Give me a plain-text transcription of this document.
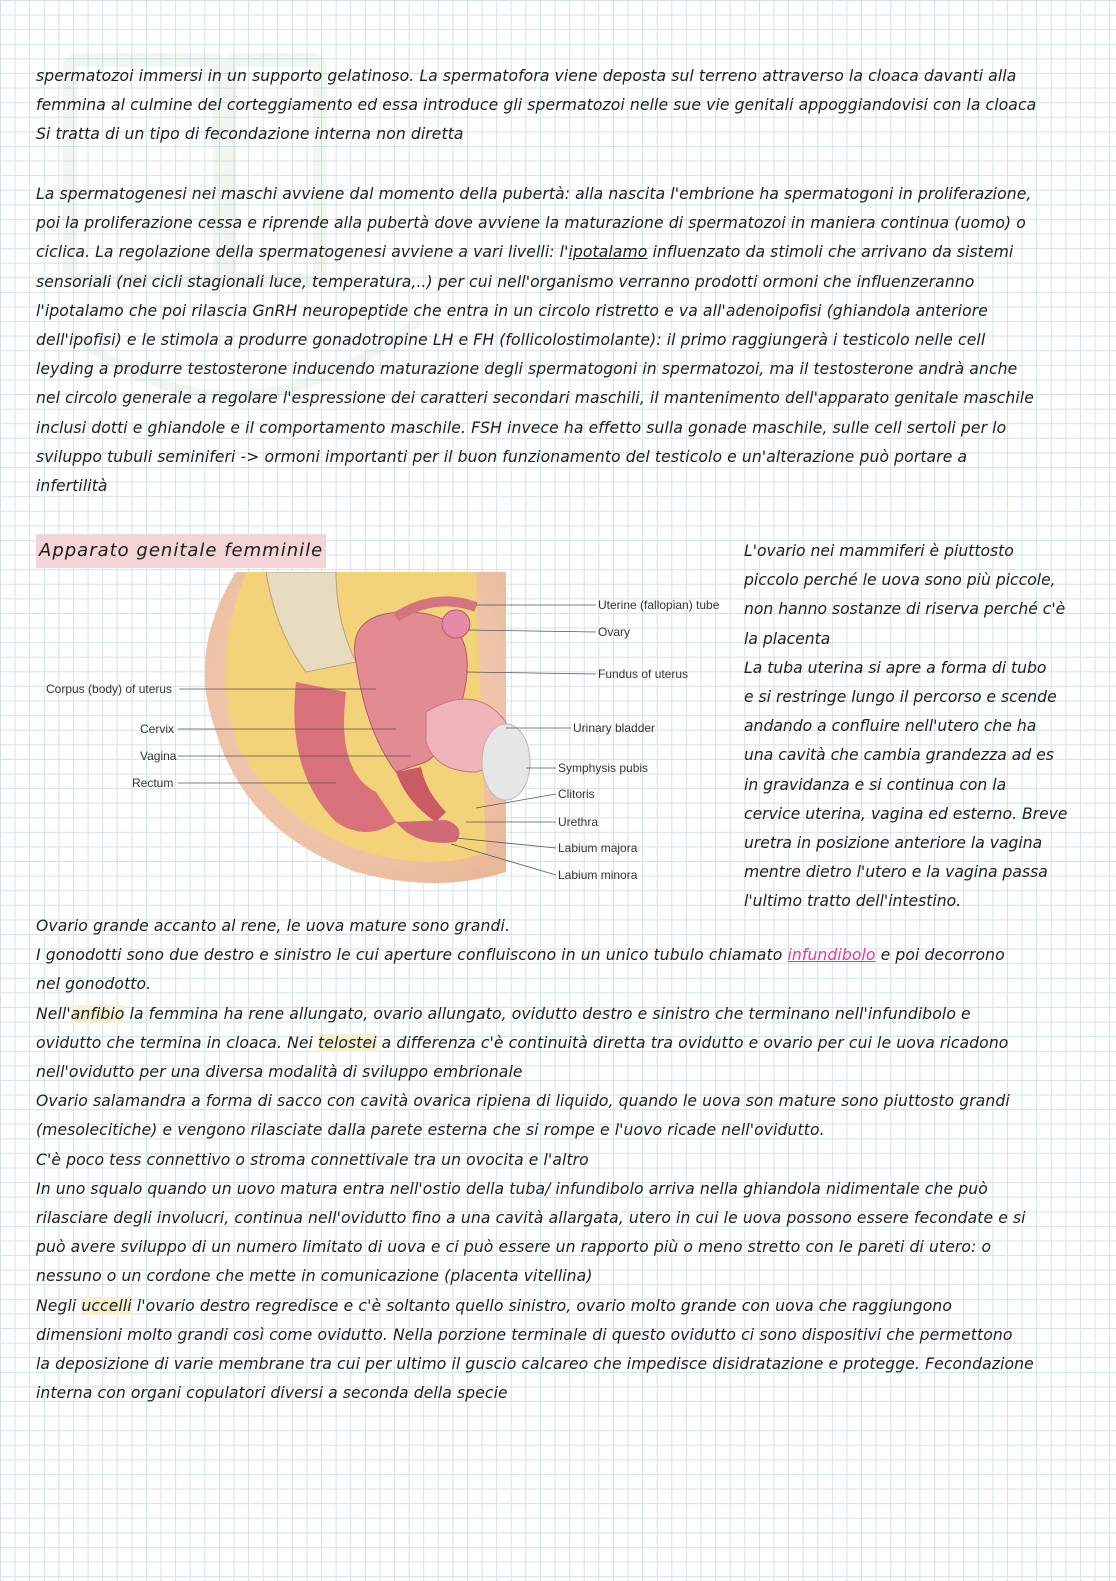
spermatozoi immersi in un supporto gelatinoso. La spermatofora viene deposta sul terreno attraverso la cloaca davanti alla
femmina al culmine del corteggiamento ed essa introduce gli spermatozoi nelle sue vie genitali appoggiandovisi con la cloaca
Si tratta di un tipo di fecondazione interna non diretta
La spermatogenesi nei maschi avviene dal momento della pubertà: alla nascita l'embrione ha spermatogoni in proliferazione,
poi la proliferazione cessa e riprende alla pubertà dove avviene la maturazione di spermatozoi in maniera continua (uomo) o
ciclica. La regolazione della spermatogenesi avviene a vari livelli: l'ipotalamo influenzato da stimoli che arrivano da sistemi
sensoriali (nei cicli stagionali luce, temperatura,..) per cui nell'organismo verranno prodotti ormoni che influenzeranno
l'ipotalamo che poi rilascia GnRH neuropeptide che entra in un circolo ristretto e va all'adenoipofisi (ghiandola anteriore
dell'ipofisi) e le stimola a produrre gonadotropine LH e FH (follicolostimolante): il primo raggiungerà i testicolo nelle cell
leyding a produrre testosterone inducendo maturazione degli spermatogoni in spermatozoi, ma il testosterone andrà anche
nel circolo generale a regolare l'espressione dei caratteri secondari maschili, il mantenimento dell'apparato genitale maschile
inclusi dotti e ghiandole e il comportamento maschile. FSH invece ha effetto sulla gonade maschile, sulle cell sertoli per lo
sviluppo tubuli seminiferi -> ormoni importanti per il buon funzionamento del testicolo e un'alterazione può portare a
infertilità
Apparato genitale femminile
Uterine (fallopian) tube
Ovary
Fundus of uterus
Urinary bladder
Symphysis pubis
Clitoris
Urethra
Labium majora
Labium minora
Corpus (body) of uterus
Cervix
Vagina
Rectum
L'ovario nei mammiferi è piuttosto
piccolo perché le uova sono più piccole,
non hanno sostanze di riserva perché c'è
la placenta
La tuba uterina si apre a forma di tubo
e si restringe lungo il percorso e scende
andando a confluire nell'utero che ha
una cavità che cambia grandezza ad es
in gravidanza e si continua con la
cervice uterina, vagina ed esterno. Breve
uretra in posizione anteriore la vagina
mentre dietro l'utero e la vagina passa
l'ultimo tratto dell'intestino.
Ovario grande accanto al rene, le uova mature sono grandi.
I gonodotti sono due destro e sinistro le cui aperture confluiscono in un unico tubulo chiamato infundibolo e poi decorrono
nel gonodotto.
Nell'anfibio la femmina ha rene allungato, ovario allungato, ovidutto destro e sinistro che terminano nell'infundibolo e
ovidutto che termina in cloaca. Nei telostei a differenza c'è continuità diretta tra ovidutto e ovario per cui le uova ricadono
nell'ovidutto per una diversa modalità di sviluppo embrionale
Ovario salamandra a forma di sacco con cavità ovarica ripiena di liquido, quando le uova son mature sono piuttosto grandi
(mesolecitiche) e vengono rilasciate dalla parete esterna che si rompe e l'uovo ricade nell'ovidutto.
C'è poco tess connettivo o stroma connettivale tra un ovocita e l'altro
In uno squalo quando un uovo matura entra nell'ostio della tuba/ infundibolo arriva nella ghiandola nidimentale che può
rilasciare degli involucri, continua nell'ovidutto fino a una cavità allargata, utero in cui le uova possono essere fecondate e si
può avere sviluppo di un numero limitato di uova e ci può essere un rapporto più o meno stretto con le pareti di utero: o
nessuno o un cordone che mette in comunicazione (placenta vitellina)
Negli uccelli l'ovario destro regredisce e c'è soltanto quello sinistro, ovario molto grande con uova che raggiungono
dimensioni molto grandi così come ovidutto. Nella porzione terminale di questo ovidutto ci sono dispositivi che permettono
la deposizione di varie membrane tra cui per ultimo il guscio calcareo che impedisce disidratazione e protegge. Fecondazione
interna con organi copulatori diversi a seconda della specie
